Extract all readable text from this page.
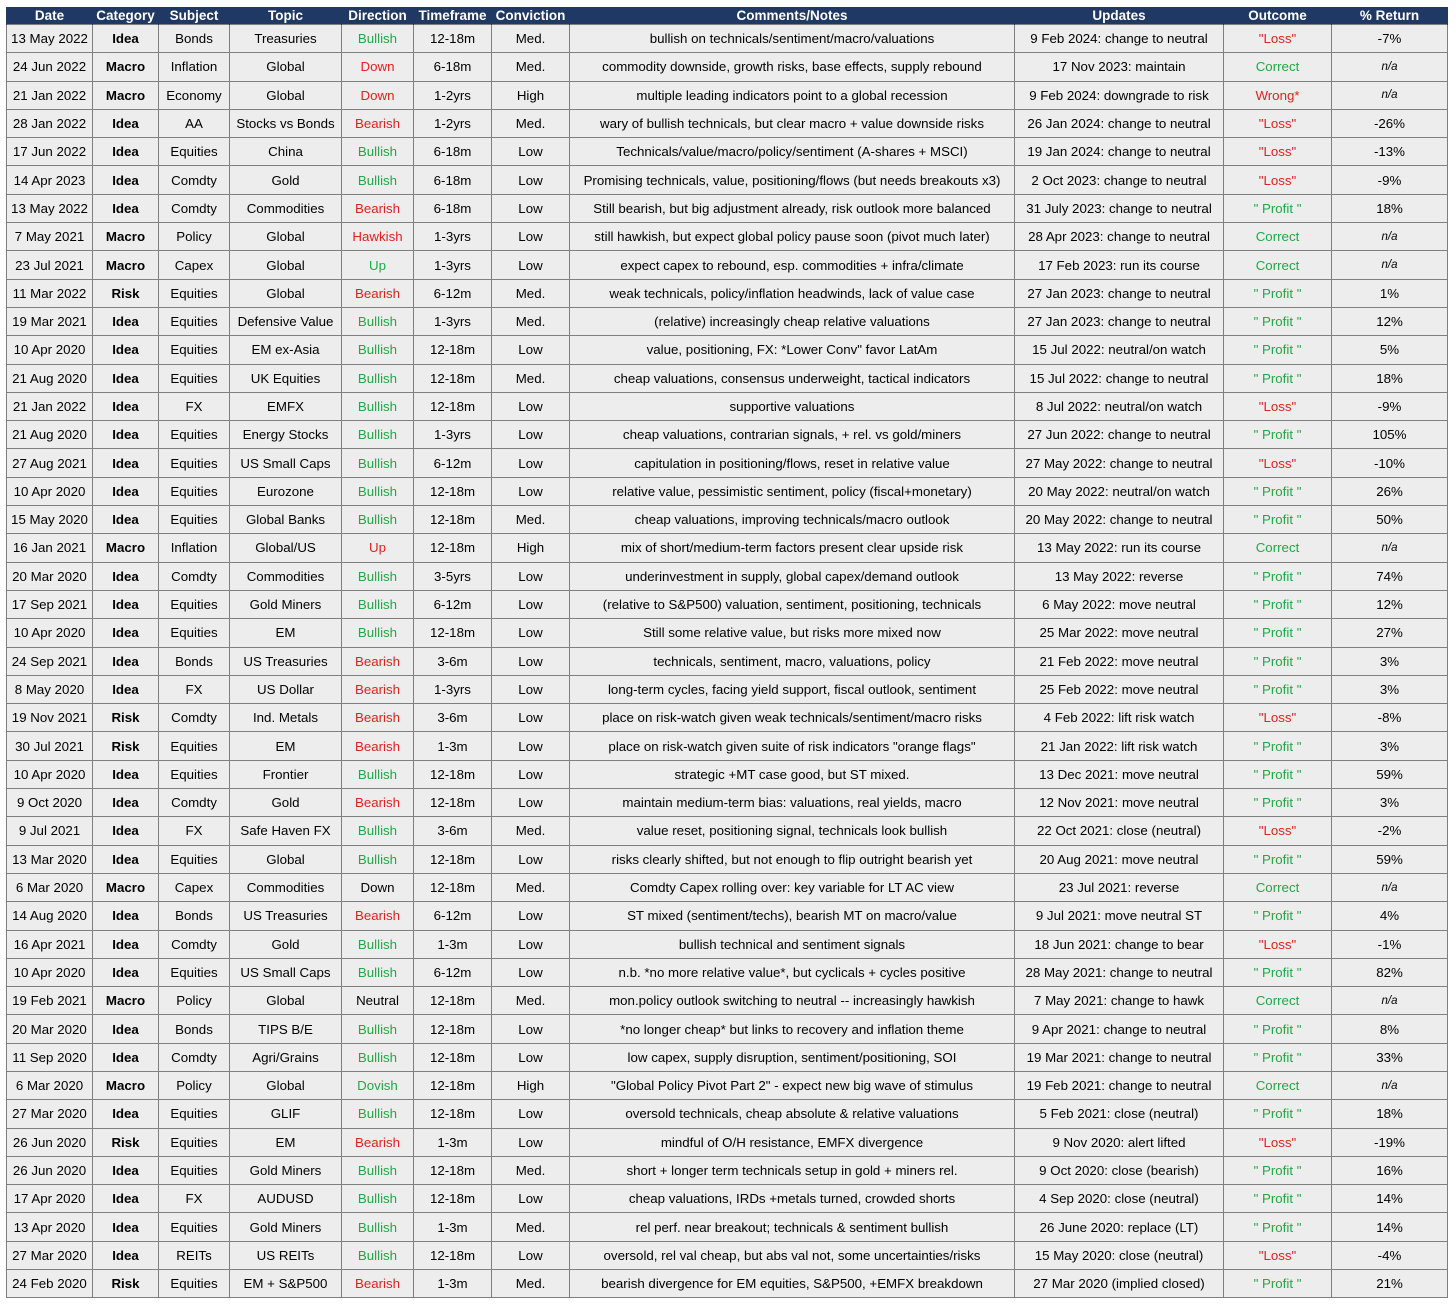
Date	Category	Subject	Topic	Direction	Timeframe	Conviction	Comments/Notes	Updates	Outcome	% Return
13 May 2022	Idea	Bonds	Treasuries	Bullish	12-18m	Med.	bullish on technicals/sentiment/macro/valuations	9 Feb 2024: change to neutral	"Loss"	-7%
24 Jun 2022	Macro	Inflation	Global	Down	6-18m	Med.	commodity downside, growth risks, base effects, supply rebound	17 Nov 2023: maintain	Correct	n/a
21 Jan 2022	Macro	Economy	Global	Down	1-2yrs	High	multiple leading indicators point to a global recession	9 Feb 2024: downgrade to risk	Wrong*	n/a
28 Jan 2022	Idea	AA	Stocks vs Bonds	Bearish	1-2yrs	Med.	wary of bullish technicals, but clear macro + value downside risks	26 Jan 2024: change to neutral	"Loss"	-26%
17 Jun 2022	Idea	Equities	China	Bullish	6-18m	Low	Technicals/value/macro/policy/sentiment (A-shares + MSCI)	19 Jan 2024: change to neutral	"Loss"	-13%
14 Apr 2023	Idea	Comdty	Gold	Bullish	6-18m	Low	Promising technicals, value, positioning/flows (but needs breakouts x3)	2 Oct 2023: change to neutral	"Loss"	-9%
13 May 2022	Idea	Comdty	Commodities	Bearish	6-18m	Low	Still bearish, but big adjustment already, risk outlook more balanced	31 July 2023: change to neutral	" Profit "	18%
7 May 2021	Macro	Policy	Global	Hawkish	1-3yrs	Low	still hawkish, but expect global policy pause soon (pivot much later)	28 Apr 2023: change to neutral	Correct	n/a
23 Jul 2021	Macro	Capex	Global	Up	1-3yrs	Low	expect capex to rebound, esp. commodities + infra/climate	17 Feb 2023: run its course	Correct	n/a
11 Mar 2022	Risk	Equities	Global	Bearish	6-12m	Med.	weak technicals, policy/inflation headwinds, lack of value case	27 Jan 2023: change to neutral	" Profit "	1%
19 Mar 2021	Idea	Equities	Defensive Value	Bullish	1-3yrs	Med.	(relative) increasingly cheap relative valuations	27 Jan 2023: change to neutral	" Profit "	12%
10 Apr 2020	Idea	Equities	EM ex-Asia	Bullish	12-18m	Low	value, positioning, FX: *Lower Conv" favor LatAm	15 Jul 2022: neutral/on watch	" Profit "	5%
21 Aug 2020	Idea	Equities	UK Equities	Bullish	12-18m	Med.	cheap valuations, consensus underweight, tactical indicators	15 Jul 2022: change to neutral	" Profit "	18%
21 Jan 2022	Idea	FX	EMFX	Bullish	12-18m	Low	supportive valuations	8 Jul 2022: neutral/on watch	"Loss"	-9%
21 Aug 2020	Idea	Equities	Energy Stocks	Bullish	1-3yrs	Low	cheap valuations, contrarian signals, + rel. vs gold/miners	27 Jun 2022: change to neutral	" Profit "	105%
27 Aug 2021	Idea	Equities	US Small Caps	Bullish	6-12m	Low	capitulation in positioning/flows, reset in relative value	27 May 2022: change to neutral	"Loss"	-10%
10 Apr 2020	Idea	Equities	Eurozone	Bullish	12-18m	Low	relative value, pessimistic sentiment, policy (fiscal+monetary)	20 May 2022: neutral/on watch	" Profit "	26%
15 May 2020	Idea	Equities	Global Banks	Bullish	12-18m	Med.	cheap valuations, improving technicals/macro outlook	20 May 2022: change to neutral	" Profit "	50%
16 Jan 2021	Macro	Inflation	Global/US	Up	12-18m	High	mix of short/medium-term factors present clear upside risk	13 May 2022: run its course	Correct	n/a
20 Mar 2020	Idea	Comdty	Commodities	Bullish	3-5yrs	Low	underinvestment in supply, global capex/demand outlook	13 May 2022: reverse	" Profit "	74%
17 Sep 2021	Idea	Equities	Gold Miners	Bullish	6-12m	Low	(relative to S&P500) valuation, sentiment, positioning, technicals	6 May 2022: move neutral	" Profit "	12%
10 Apr 2020	Idea	Equities	EM	Bullish	12-18m	Low	Still some relative value, but risks more mixed now	25 Mar 2022: move neutral	" Profit "	27%
24 Sep 2021	Idea	Bonds	US Treasuries	Bearish	3-6m	Low	technicals, sentiment, macro, valuations, policy	21 Feb 2022: move neutral	" Profit "	3%
8 May 2020	Idea	FX	US Dollar	Bearish	1-3yrs	Low	long-term cycles, facing yield support, fiscal outlook, sentiment	25 Feb 2022: move neutral	" Profit "	3%
19 Nov 2021	Risk	Comdty	Ind. Metals	Bearish	3-6m	Low	place on risk-watch given weak technicals/sentiment/macro risks	4 Feb 2022: lift risk watch	"Loss"	-8%
30 Jul 2021	Risk	Equities	EM	Bearish	1-3m	Low	place on risk-watch given suite of risk indicators "orange flags"	21 Jan 2022: lift risk watch	" Profit "	3%
10 Apr 2020	Idea	Equities	Frontier	Bullish	12-18m	Low	strategic +MT case good, but ST mixed.	13 Dec 2021: move neutral	" Profit "	59%
9 Oct 2020	Idea	Comdty	Gold	Bearish	12-18m	Low	maintain medium-term bias: valuations, real yields, macro	12 Nov 2021: move neutral	" Profit "	3%
9 Jul 2021	Idea	FX	Safe Haven FX	Bullish	3-6m	Med.	value reset, positioning signal, technicals look bullish	22 Oct 2021: close (neutral)	"Loss"	-2%
13 Mar 2020	Idea	Equities	Global	Bullish	12-18m	Low	risks clearly shifted, but not enough to flip outright bearish yet	20 Aug 2021: move neutral	" Profit "	59%
6 Mar 2020	Macro	Capex	Commodities	Down	12-18m	Med.	Comdty Capex rolling over: key variable for LT AC view	23 Jul 2021: reverse	Correct	n/a
14 Aug 2020	Idea	Bonds	US Treasuries	Bearish	6-12m	Low	ST mixed (sentiment/techs), bearish MT on macro/value	9 Jul 2021: move neutral ST	" Profit "	4%
16 Apr 2021	Idea	Comdty	Gold	Bullish	1-3m	Low	bullish technical and sentiment signals	18 Jun 2021: change to bear	"Loss"	-1%
10 Apr 2020	Idea	Equities	US Small Caps	Bullish	6-12m	Low	n.b. *no more relative value*, but cyclicals + cycles positive	28 May 2021: change to neutral	" Profit "	82%
19 Feb 2021	Macro	Policy	Global	Neutral	12-18m	Med.	mon.policy outlook switching to neutral -- increasingly hawkish	7 May 2021: change to hawk	Correct	n/a
20 Mar 2020	Idea	Bonds	TIPS B/E	Bullish	12-18m	Low	*no longer cheap* but links to recovery and inflation theme	9 Apr 2021: change to neutral	" Profit "	8%
11 Sep 2020	Idea	Comdty	Agri/Grains	Bullish	12-18m	Low	low capex, supply disruption, sentiment/positioning, SOI	19 Mar 2021: change to neutral	" Profit "	33%
6 Mar 2020	Macro	Policy	Global	Dovish	12-18m	High	"Global Policy Pivot Part 2" - expect new big wave of stimulus	19 Feb 2021: change to neutral	Correct	n/a
27 Mar 2020	Idea	Equities	GLIF	Bullish	12-18m	Low	oversold technicals, cheap absolute & relative valuations	5 Feb 2021: close (neutral)	" Profit "	18%
26 Jun 2020	Risk	Equities	EM	Bearish	1-3m	Low	mindful of O/H resistance, EMFX divergence	9 Nov 2020: alert lifted	"Loss"	-19%
26 Jun 2020	Idea	Equities	Gold Miners	Bullish	12-18m	Med.	short + longer term technicals setup in gold + miners rel.	9 Oct 2020: close (bearish)	" Profit "	16%
17 Apr 2020	Idea	FX	AUDUSD	Bullish	12-18m	Low	cheap valuations, IRDs +metals turned, crowded shorts	4 Sep 2020: close (neutral)	" Profit "	14%
13 Apr 2020	Idea	Equities	Gold Miners	Bullish	1-3m	Med.	rel perf. near breakout; technicals & sentiment bullish	26 June 2020: replace (LT)	" Profit "	14%
27 Mar 2020	Idea	REITs	US REITs	Bullish	12-18m	Low	oversold, rel val cheap, but abs val not, some uncertainties/risks	15 May 2020: close (neutral)	"Loss"	-4%
24 Feb 2020	Risk	Equities	EM + S&P500	Bearish	1-3m	Med.	bearish divergence for EM equities, S&P500, +EMFX breakdown	27 Mar 2020 (implied closed)	" Profit "	21%
